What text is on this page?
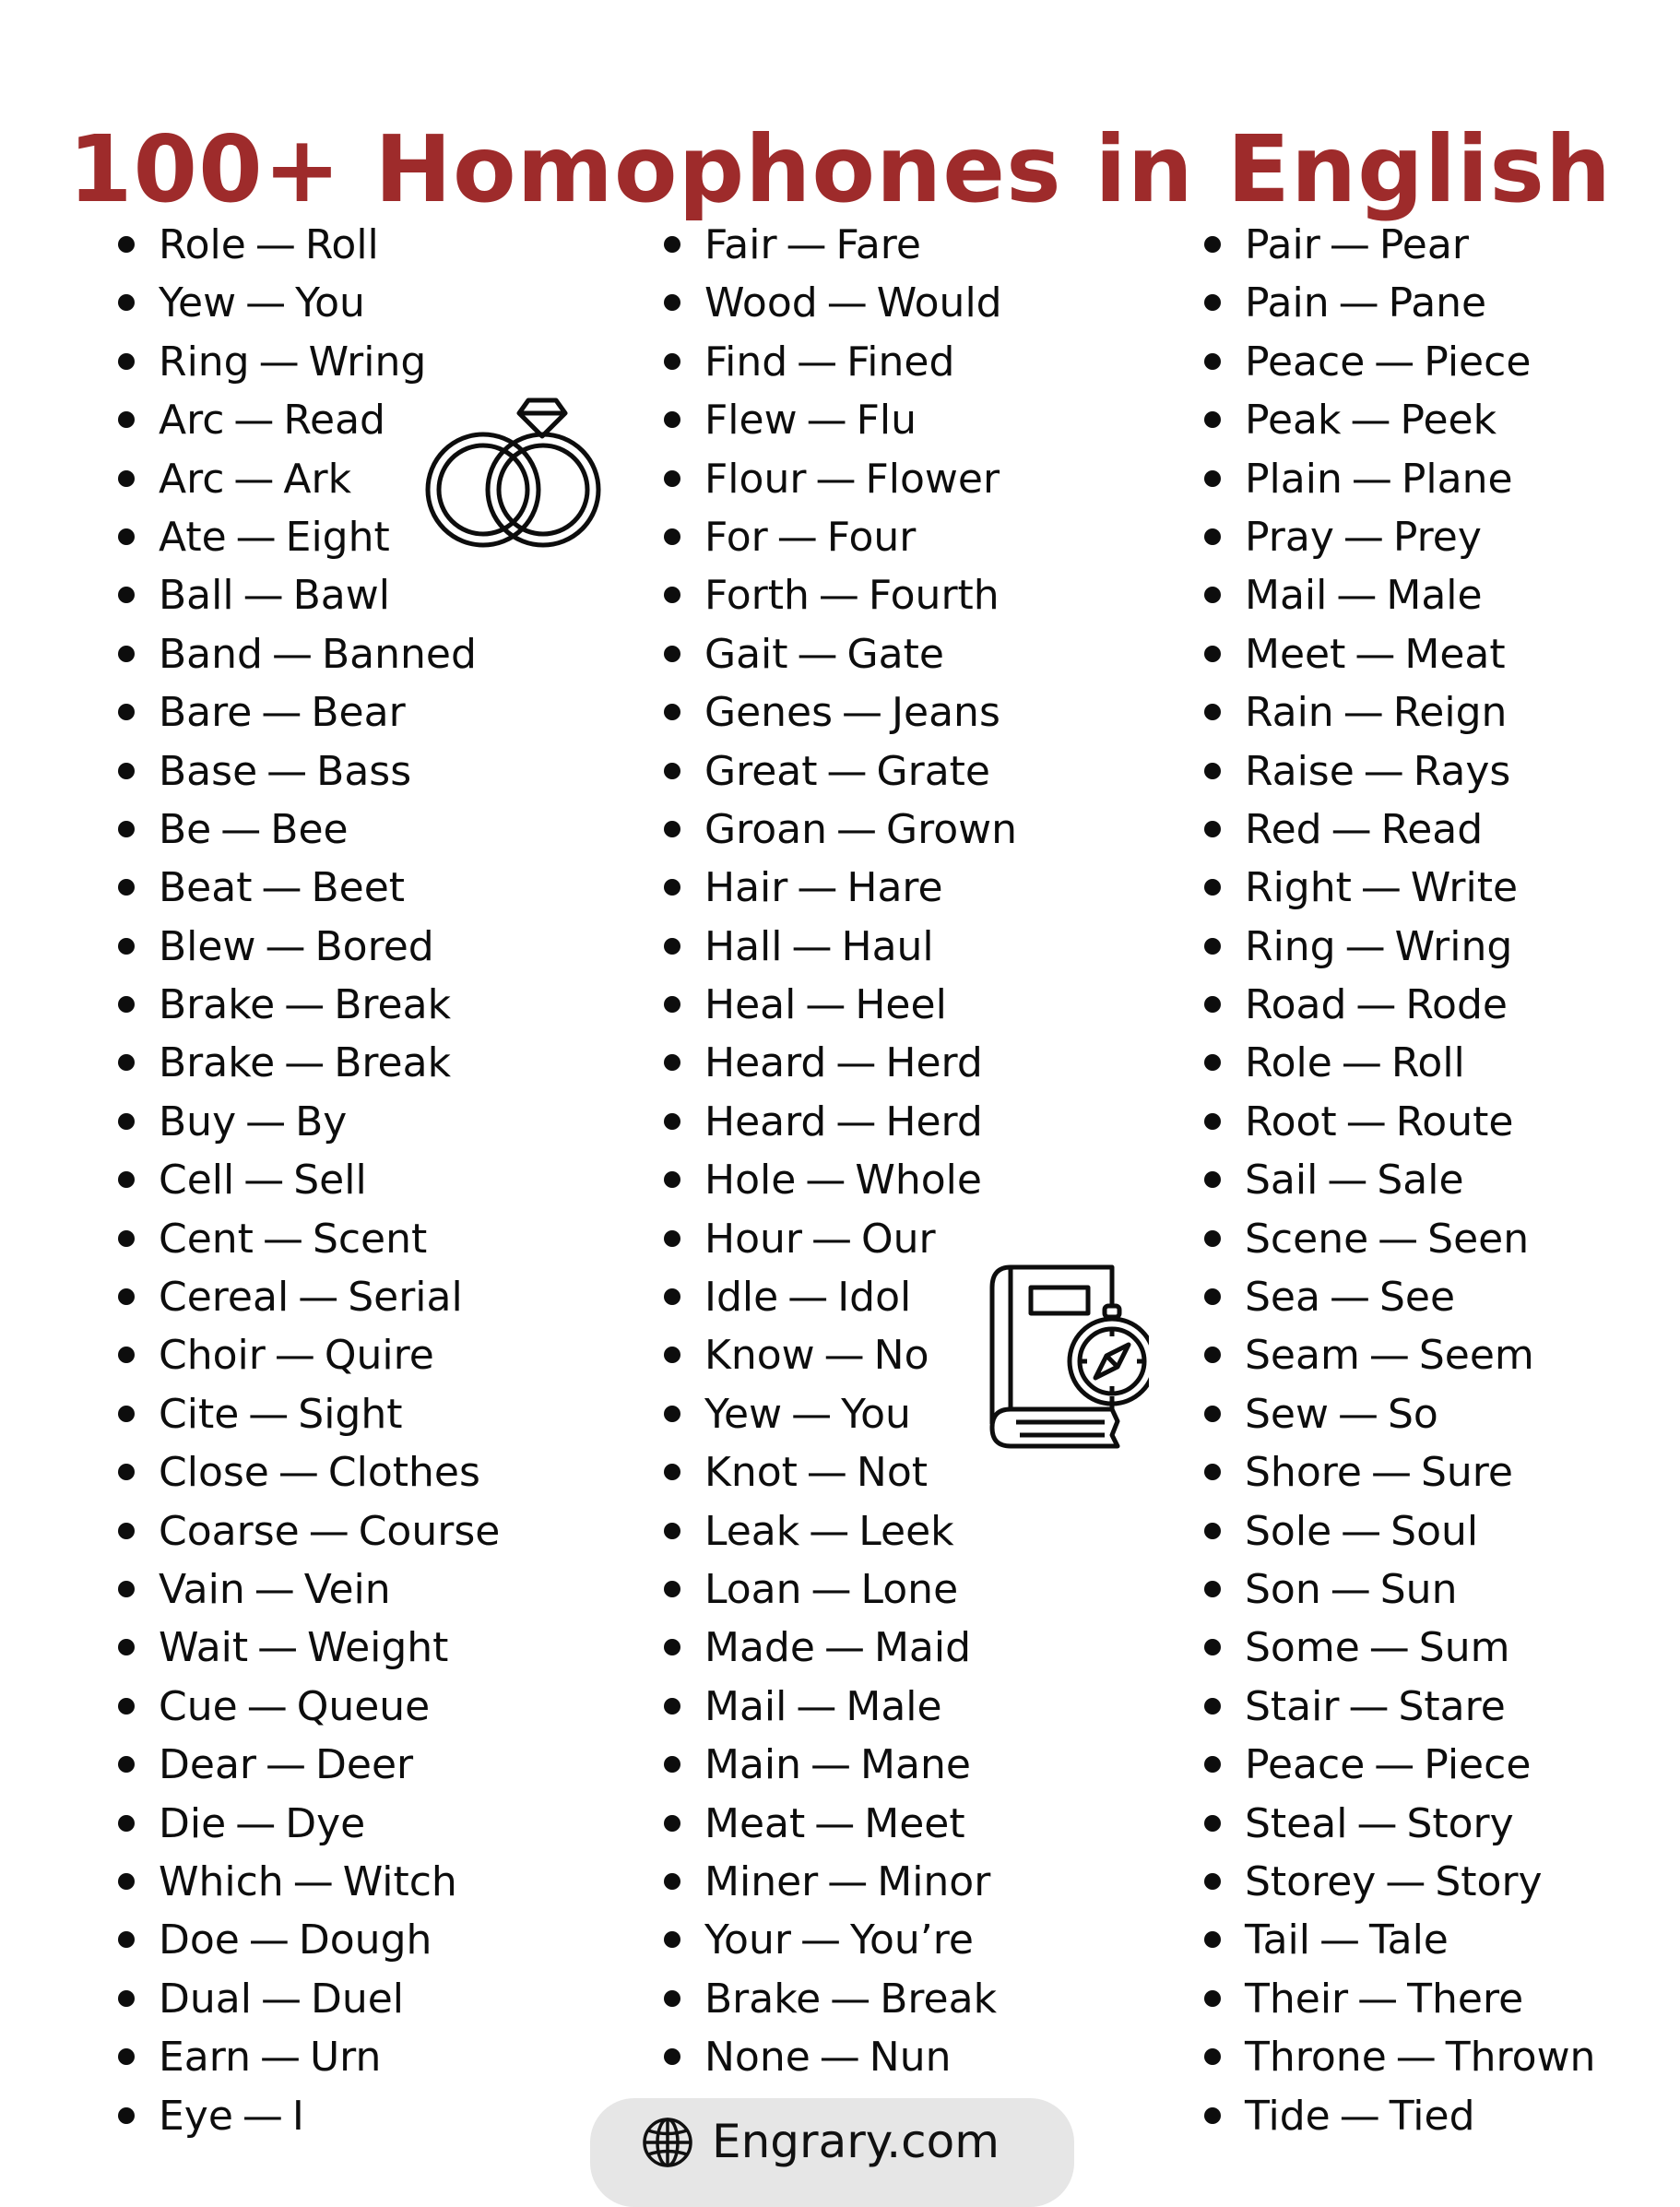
100+ Homophones in English
Role — Roll
Yew — You
Ring — Wring
Arc — Read
Arc — Ark
Ate — Eight
Ball — Bawl
Band — Banned
Bare — Bear
Base — Bass
Be — Bee
Beat — Beet
Blew — Bored
Brake — Break
Brake — Break
Buy — By
Cell — Sell
Cent — Scent
Cereal — Serial
Choir — Quire
Cite — Sight
Close — Clothes
Coarse — Course
Vain — Vein
Wait — Weight
Cue — Queue
Dear — Deer
Die — Dye
Which — Witch
Doe — Dough
Dual — Duel
Earn — Urn
Eye — I
Fair — Fare
Wood — Would
Find — Fined
Flew — Flu
Flour — Flower
For — Four
Forth — Fourth
Gait — Gate
Genes — Jeans
Great — Grate
Groan — Grown
Hair — Hare
Hall — Haul
Heal — Heel
Heard — Herd
Heard — Herd
Hole — Whole
Hour — Our
Idle — Idol
Know — No
Yew — You
Knot — Not
Leak — Leek
Loan — Lone
Made — Maid
Mail — Male
Main — Mane
Meat — Meet
Miner — Minor
Your — You’re
Brake — Break
None — Nun
Pair — Pear
Pain — Pane
Peace — Piece
Peak — Peek
Plain — Plane
Pray — Prey
Mail — Male
Meet — Meat
Rain — Reign
Raise — Rays
Red — Read
Right — Write
Ring — Wring
Road — Rode
Role — Roll
Root — Route
Sail — Sale
Scene — Seen
Sea — See
Seam — Seem
Sew — So
Shore — Sure
Sole — Soul
Son — Sun
Some — Sum
Stair — Stare
Peace — Piece
Steal — Story
Storey — Story
Tail — Tale
Their — There
Throne — Thrown
Tide — Tied
Engrary.com
